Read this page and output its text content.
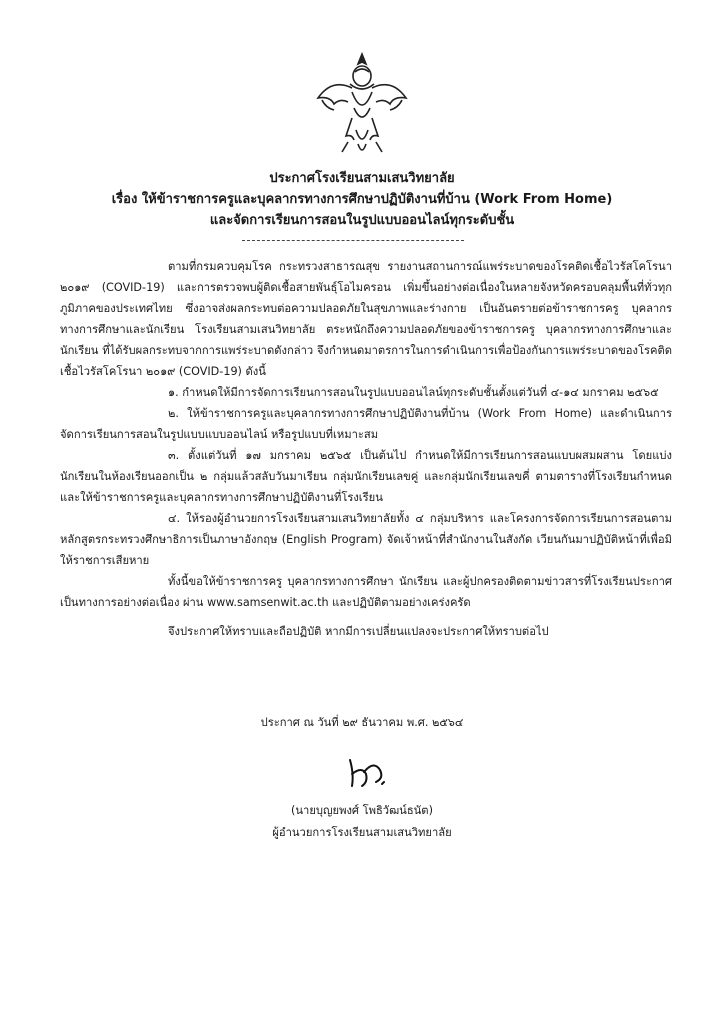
ประกาศโรงเรียนสามเสนวิทยาลัย
เรื่อง ให้ข้าราชการครูและบุคลากรทางการศึกษาปฏิบัติงานที่บ้าน (Work From Home)
และจัดการเรียนการสอนในรูปแบบออนไลน์ทุกระดับชั้น

ตามที่กรมควบคุมโรค กระทรวงสาธารณสุข รายงานสถานการณ์แพร่ระบาดของโรคติดเชื้อไวรัสโคโรนา ๒๐๑๙ (COVID-19) และการตรวจพบผู้ติดเชื้อสายพันธุ์โอไมครอน เพิ่มขึ้นอย่างต่อเนื่องในหลายจังหวัดครอบคลุมพื้นที่ทั่วทุกภูมิภาคของประเทศไทย ซึ่งอาจส่งผลกระทบต่อความปลอดภัยในสุขภาพและร่างกาย เป็นอันตรายต่อข้าราชการครู บุคลากรทางการศึกษาและนักเรียน โรงเรียนสามเสนวิทยาลัย ตระหนักถึงความปลอดภัยของข้าราชการครู บุคลากรทางการศึกษาและนักเรียน ที่ได้รับผลกระทบจากการแพร่ระบาดดังกล่าว จึงกำหนดมาตรการในการดำเนินการเพื่อป้องกันการแพร่ระบาดของโรคติดเชื้อไวรัสโคโรนา ๒๐๑๙ (COVID-19) ดังนี้

๑. กำหนดให้มีการจัดการเรียนการสอนในรูปแบบออนไลน์ทุกระดับชั้นตั้งแต่วันที่ ๔-๑๔ มกราคม ๒๕๖๕

๒. ให้ข้าราชการครูและบุคลากรทางการศึกษาปฏิบัติงานที่บ้าน (Work From Home) และดำเนินการจัดการเรียนการสอนในรูปแบบแบบออนไลน์ หรือรูปแบบที่เหมาะสม

๓. ตั้งแต่วันที่ ๑๗ มกราคม ๒๕๖๕ เป็นต้นไป กำหนดให้มีการเรียนการสอนแบบผสมผสาน โดยแบ่งนักเรียนในห้องเรียนออกเป็น ๒ กลุ่มแล้วสลับวันมาเรียน กลุ่มนักเรียนเลขคู่ และกลุ่มนักเรียนเลขคี่ ตามตารางที่โรงเรียนกำหนด และให้ข้าราชการครูและบุคลากรทางการศึกษาปฏิบัติงานที่โรงเรียน

๔. ให้รองผู้อำนวยการโรงเรียนสามเสนวิทยาลัยทั้ง ๔ กลุ่มบริหาร และโครงการจัดการเรียนการสอนตามหลักสูตรกระทรวงศึกษาธิการเป็นภาษาอังกฤษ (English Program) จัดเจ้าหน้าที่สำนักงานในสังกัด เวียนกันมาปฏิบัติหน้าที่เพื่อมิให้ราชการเสียหาย

ทั้งนี้ขอให้ข้าราชการครู บุคลากรทางการศึกษา นักเรียน และผู้ปกครองติดตามข่าวสารที่โรงเรียนประกาศเป็นทางการอย่างต่อเนื่อง ผ่าน www.samsenwit.ac.th และปฏิบัติตามอย่างเคร่งครัด

จึงประกาศให้ทราบและถือปฏิบัติ หากมีการเปลี่ยนแปลงจะประกาศให้ทราบต่อไป

ประกาศ ณ วันที่ ๒๙ ธันวาคม พ.ศ. ๒๕๖๔
(นายบุญยพงศ์ โพธิวัฒน์ธนัต)
ผู้อำนวยการโรงเรียนสามเสนวิทยาลัย
